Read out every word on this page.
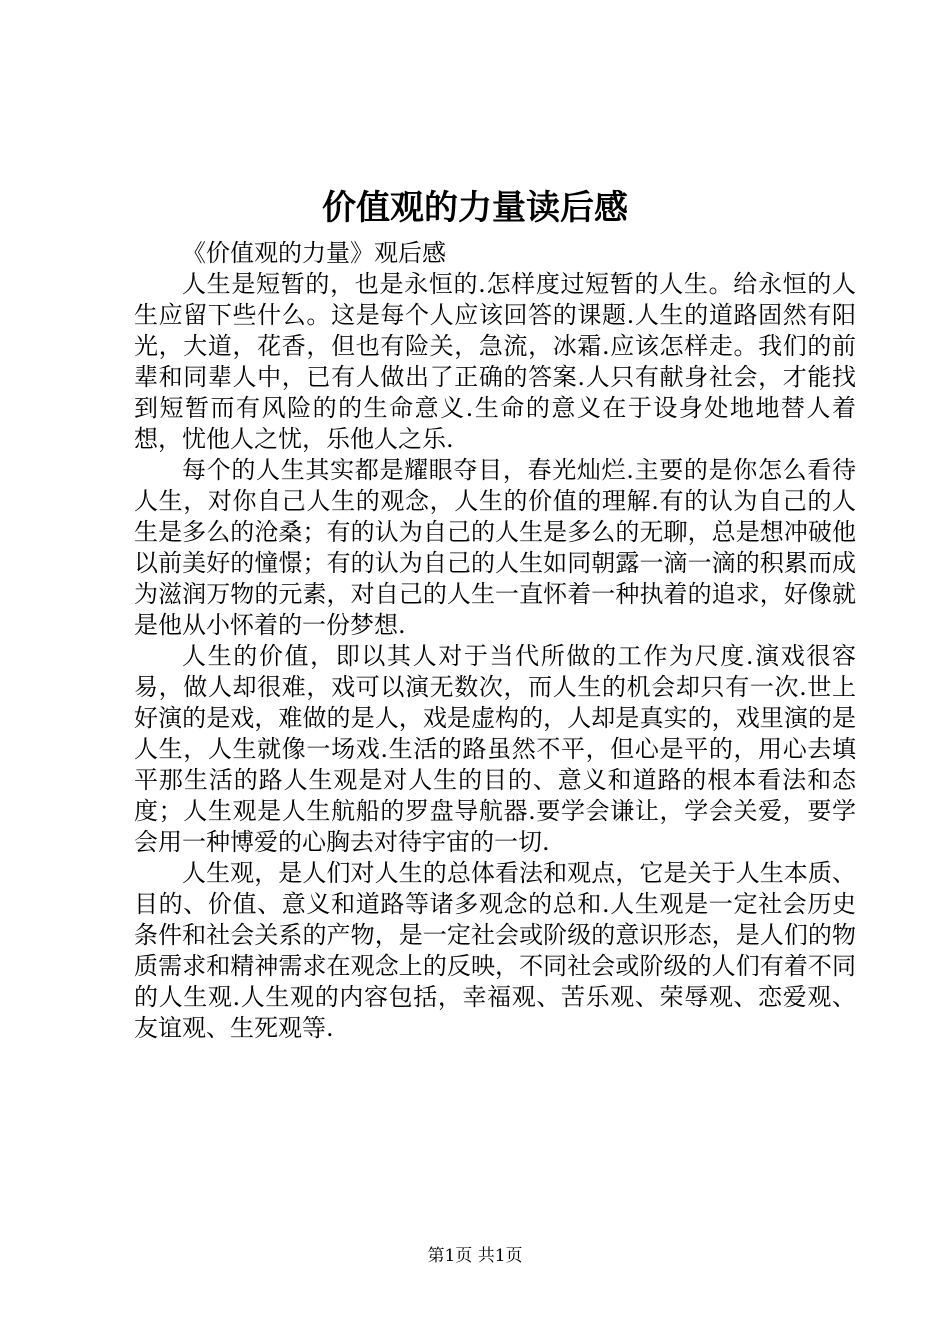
价值观的力量读后感

《价值观的力量》观后感

人生是短暂的，也是永恒的.怎样度过短暂的人生。给永恒的人生应留下些什么。这是每个人应该回答的课题.人生的道路固然有阳光，大道，花香，但也有险关，急流，冰霜.应该怎样走。我们的前辈和同辈人中，已有人做出了正确的答案.人只有献身社会，才能找到短暂而有风险的的生命意义.生命的意义在于设身处地地替人着想，忧他人之忧，乐他人之乐.

每个的人生其实都是耀眼夺目，春光灿烂.主要的是你怎么看待人生，对你自己人生的观念，人生的价值的理解.有的认为自己的人生是多么的沧桑；有的认为自己的人生是多么的无聊，总是想冲破他以前美好的憧憬；有的认为自己的人生如同朝露一滴一滴的积累而成为滋润万物的元素，对自己的人生一直怀着一种执着的追求，好像就是他从小怀着的一份梦想.

人生的价值，即以其人对于当代所做的工作为尺度.演戏很容易，做人却很难，戏可以演无数次，而人生的机会却只有一次.世上好演的是戏，难做的是人，戏是虚构的，人却是真实的，戏里演的是人生，人生就像一场戏.生活的路虽然不平，但心是平的，用心去填平那生活的路人生观是对人生的目的、意义和道路的根本看法和态度；人生观是人生航船的罗盘导航器.要学会谦让，学会关爱，要学会用一种博爱的心胸去对待宇宙的一切.

人生观，是人们对人生的总体看法和观点，它是关于人生本质、目的、价值、意义和道路等诸多观念的总和.人生观是一定社会历史条件和社会关系的产物，是一定社会或阶级的意识形态，是人们的物质需求和精神需求在观念上的反映，不同社会或阶级的人们有着不同的人生观.人生观的内容包括，幸福观、苦乐观、荣辱观、恋爱观、友谊观、生死观等.

第1页 共1页
